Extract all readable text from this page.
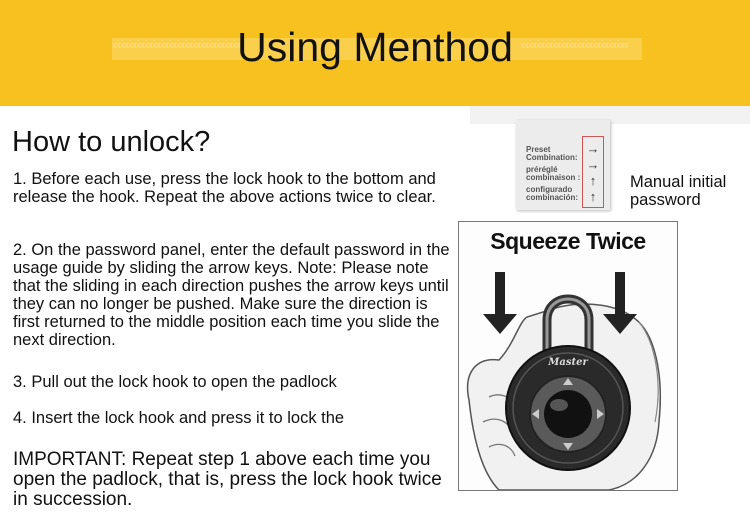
xxxxxxxxxxxxxxxxxxxxxxxxxxxxxxxx	xxxxxxxxxxxxxxxxxxxxxxxxxxx
Using Menthod
How to unlock?

1. Before each use, press the lock hook to the bottom and release the hook. Repeat the above actions twice to clear.

2. On the password panel, enter the default password in the usage guide by sliding the arrow keys. Note: Please note that the sliding in each direction pushes the arrow keys until they can no longer be pushed. Make sure the direction is first returned to the middle position each time you slide the next direction.

3. Pull out the lock hook to open the padlock

4. Insert the lock hook and press it to lock the

IMPORTANT: Repeat step 1 above each time you open the padlock, that is, press the lock hook twice in succession.

Preset
Combination:
préréglé
combinaison :
configurado
combinación:
→
→
↑
↑
Manual initial password
Master
Squeeze Twice
